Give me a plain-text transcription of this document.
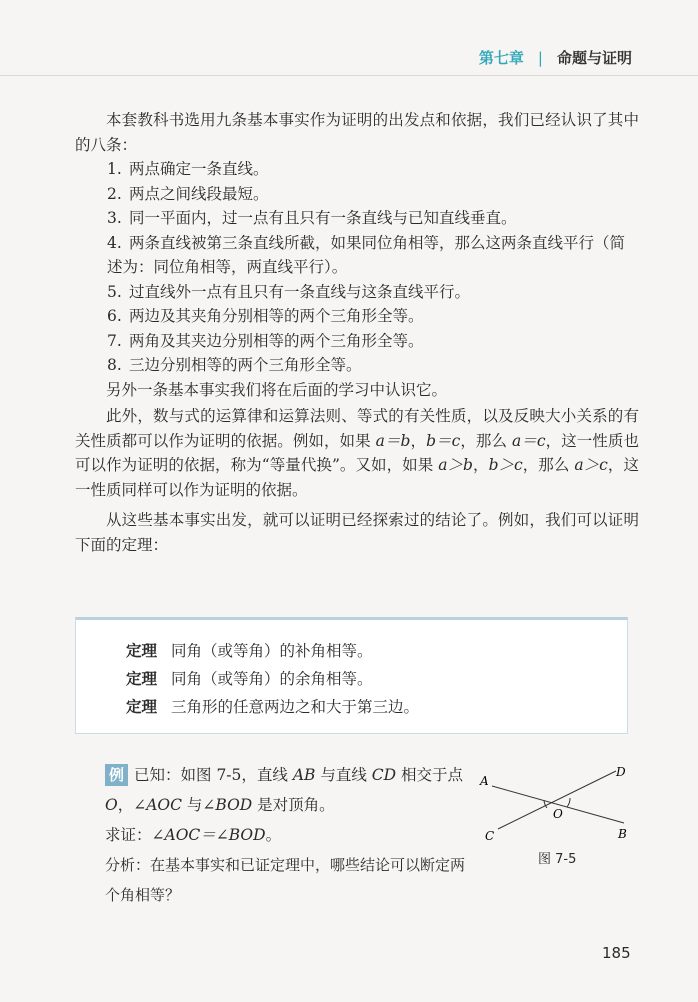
第七章 | 命题与证明

本套教科书选用九条基本事实作为证明的出发点和依据，我们已经认识了其中的八条：

1. 两点确定一条直线。

2. 两点之间线段最短。

3. 同一平面内，过一点有且只有一条直线与已知直线垂直。

4. 两条直线被第三条直线所截，如果同位角相等，那么这两条直线平行（简述为：同位角相等，两直线平行）。

5. 过直线外一点有且只有一条直线与这条直线平行。

6. 两边及其夹角分别相等的两个三角形全等。

7. 两角及其夹边分别相等的两个三角形全等。

8. 三边分别相等的两个三角形全等。

另外一条基本事实我们将在后面的学习中认识它。

此外，数与式的运算律和运算法则、等式的有关性质，以及反映大小关系的有关性质都可以作为证明的依据。例如，如果 a＝b，b＝c，那么 a＝c，这一性质也可以作为证明的依据，称为“等量代换”。又如，如果 a＞b，b＞c，那么 a＞c，这一性质同样可以作为证明的依据。

从这些基本事实出发，就可以证明已经探索过的结论了。例如，我们可以证明下面的定理：

定理 同角（或等角）的补角相等。
定理 同角（或等角）的余角相等。
定理 三角形的任意两边之和大于第三边。

例 已知：如图 7-5，直线 AB 与直线 CD 相交于点 O，∠AOC 与∠BOD 是对顶角。

求证：∠AOC＝∠BOD。

分析：在基本事实和已证定理中，哪些结论可以断定两个角相等？

A
B
C
D
O
图 7-5
185
